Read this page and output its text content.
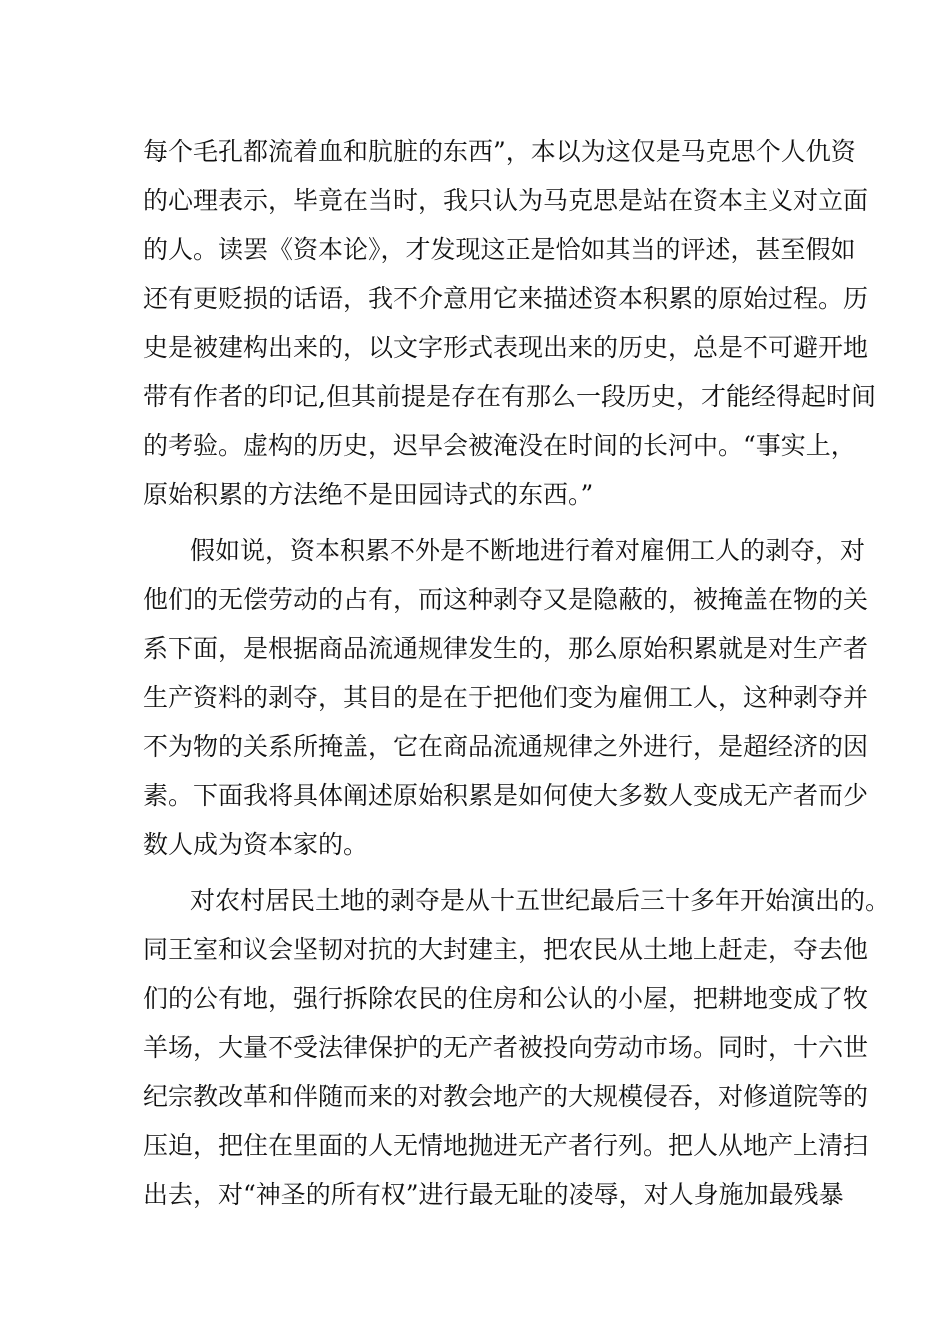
每个毛孔都流着血和肮脏的东西”，本以为这仅是马克思个人仇资
的心理表示，毕竟在当时，我只认为马克思是站在资本主义对立面
的人。读罢《资本论》，才发现这正是恰如其当的评述，甚至假如
还有更贬损的话语，我不介意用它来描述资本积累的原始过程。历
史是被建构出来的，以文字形式表现出来的历史，总是不可避开地
带有作者的印记,但其前提是存在有那么一段历史，才能经得起时间
的考验。虚构的历史，迟早会被淹没在时间的长河中。“事实上，
原始积累的方法绝不是田园诗式的东西。”
假如说，资本积累不外是不断地进行着对雇佣工人的剥夺，对
他们的无偿劳动的占有，而这种剥夺又是隐蔽的，被掩盖在物的关
系下面，是根据商品流通规律发生的，那么原始积累就是对生产者
生产资料的剥夺，其目的是在于把他们变为雇佣工人，这种剥夺并
不为物的关系所掩盖，它在商品流通规律之外进行，是超经济的因
素。下面我将具体阐述原始积累是如何使大多数人变成无产者而少
数人成为资本家的。
对农村居民土地的剥夺是从十五世纪最后三十多年开始演出的。
同王室和议会坚韧对抗的大封建主，把农民从土地上赶走，夺去他
们的公有地，强行拆除农民的住房和公认的小屋，把耕地变成了牧
羊场，大量不受法律保护的无产者被投向劳动市场。同时，十六世
纪宗教改革和伴随而来的对教会地产的大规模侵吞，对修道院等的
压迫，把住在里面的人无情地抛进无产者行列。把人从地产上清扫
出去，对“神圣的所有权”进行最无耻的凌辱，对人身施加最残暴
